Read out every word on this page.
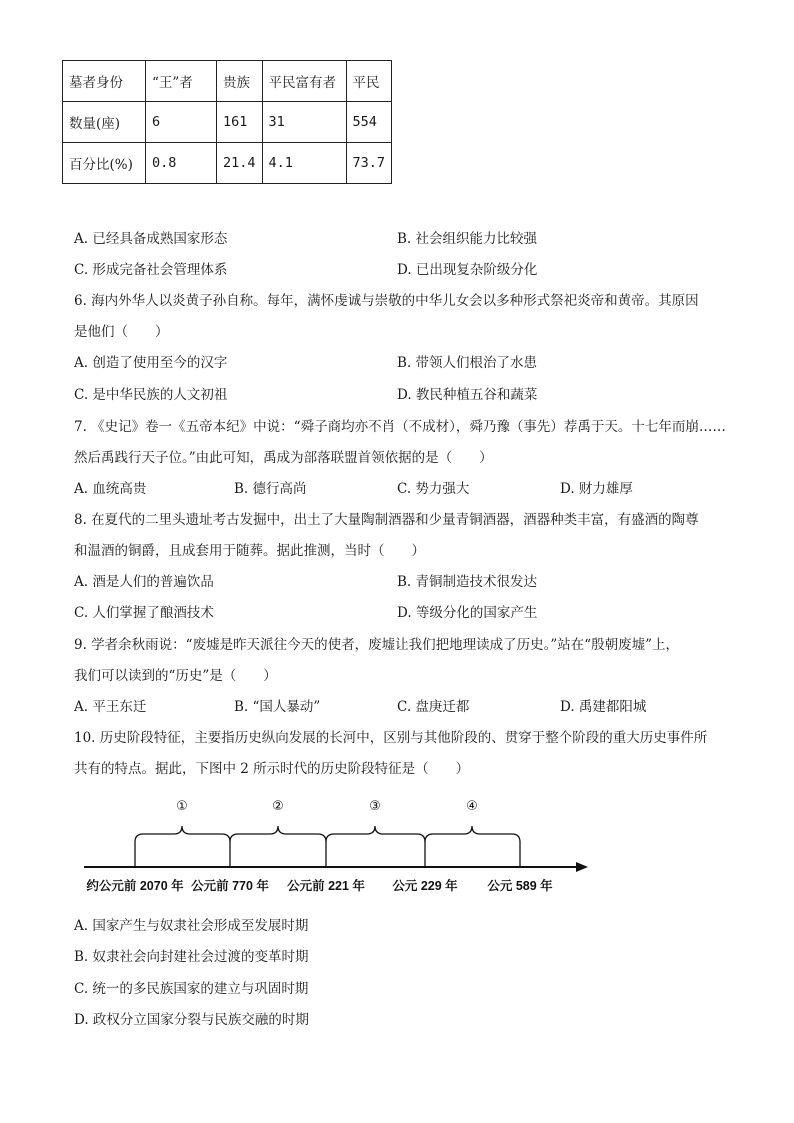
墓者身份	“王”者	贵族	平民富有者	平民
数量(座)	6	161	31	554
百分比(%)	0.8	21.4	4.1	73.7
A. 已经具备成熟国家形态	B. 社会组织能力比较强
C. 形成完备社会管理体系	D. 已出现复杂阶级分化
6. 海内外华人以炎黄子孙自称。每年，满怀虔诚与崇敬的中华儿女会以多种形式祭祀炎帝和黄帝。其原因
是他们（　　）
A. 创造了使用至今的汉字	B. 带领人们根治了水患
C. 是中华民族的人文初祖	D. 教民种植五谷和蔬菜
7. 《史记》卷一《五帝本纪》中说：“舜子商均亦不肖（不成材），舜乃豫（事先）荐禹于天。十七年而崩……
然后禹践行天子位。”由此可知，禹成为部落联盟首领依据的是（　　）
A. 血统高贵	B. 德行高尚	C. 势力强大	D. 财力雄厚
8. 在夏代的二里头遗址考古发掘中，出土了大量陶制酒器和少量青铜酒器，酒器种类丰富，有盛酒的陶尊
和温酒的铜爵，且成套用于随葬。据此推测，当时（　　）
A. 酒是人们的普遍饮品	B. 青铜制造技术很发达
C. 人们掌握了酿酒技术	D. 等级分化的国家产生
9. 学者余秋雨说：“废墟是昨天派往今天的使者，废墟让我们把地理读成了历史。”站在“殷朝废墟”上，
我们可以读到的“历史”是（　　）
A. 平王东迁	B. “国人暴动”	C. 盘庚迁都	D. 禹建都阳城
10. 历史阶段特征，主要指历史纵向发展的长河中，区别与其他阶段的、贯穿于整个阶段的重大历史事件所
共有的特点。据此，下图中 2 所示时代的历史阶段特征是（　　）
①	②	③	④
约公元前 2070 年 公元前 770 年 公元前 221 年 公元 229 年 公元 589 年
A. 国家产生与奴隶社会形成至发展时期
B. 奴隶社会向封建社会过渡的变革时期
C. 统一的多民族国家的建立与巩固时期
D. 政权分立国家分裂与民族交融的时期
